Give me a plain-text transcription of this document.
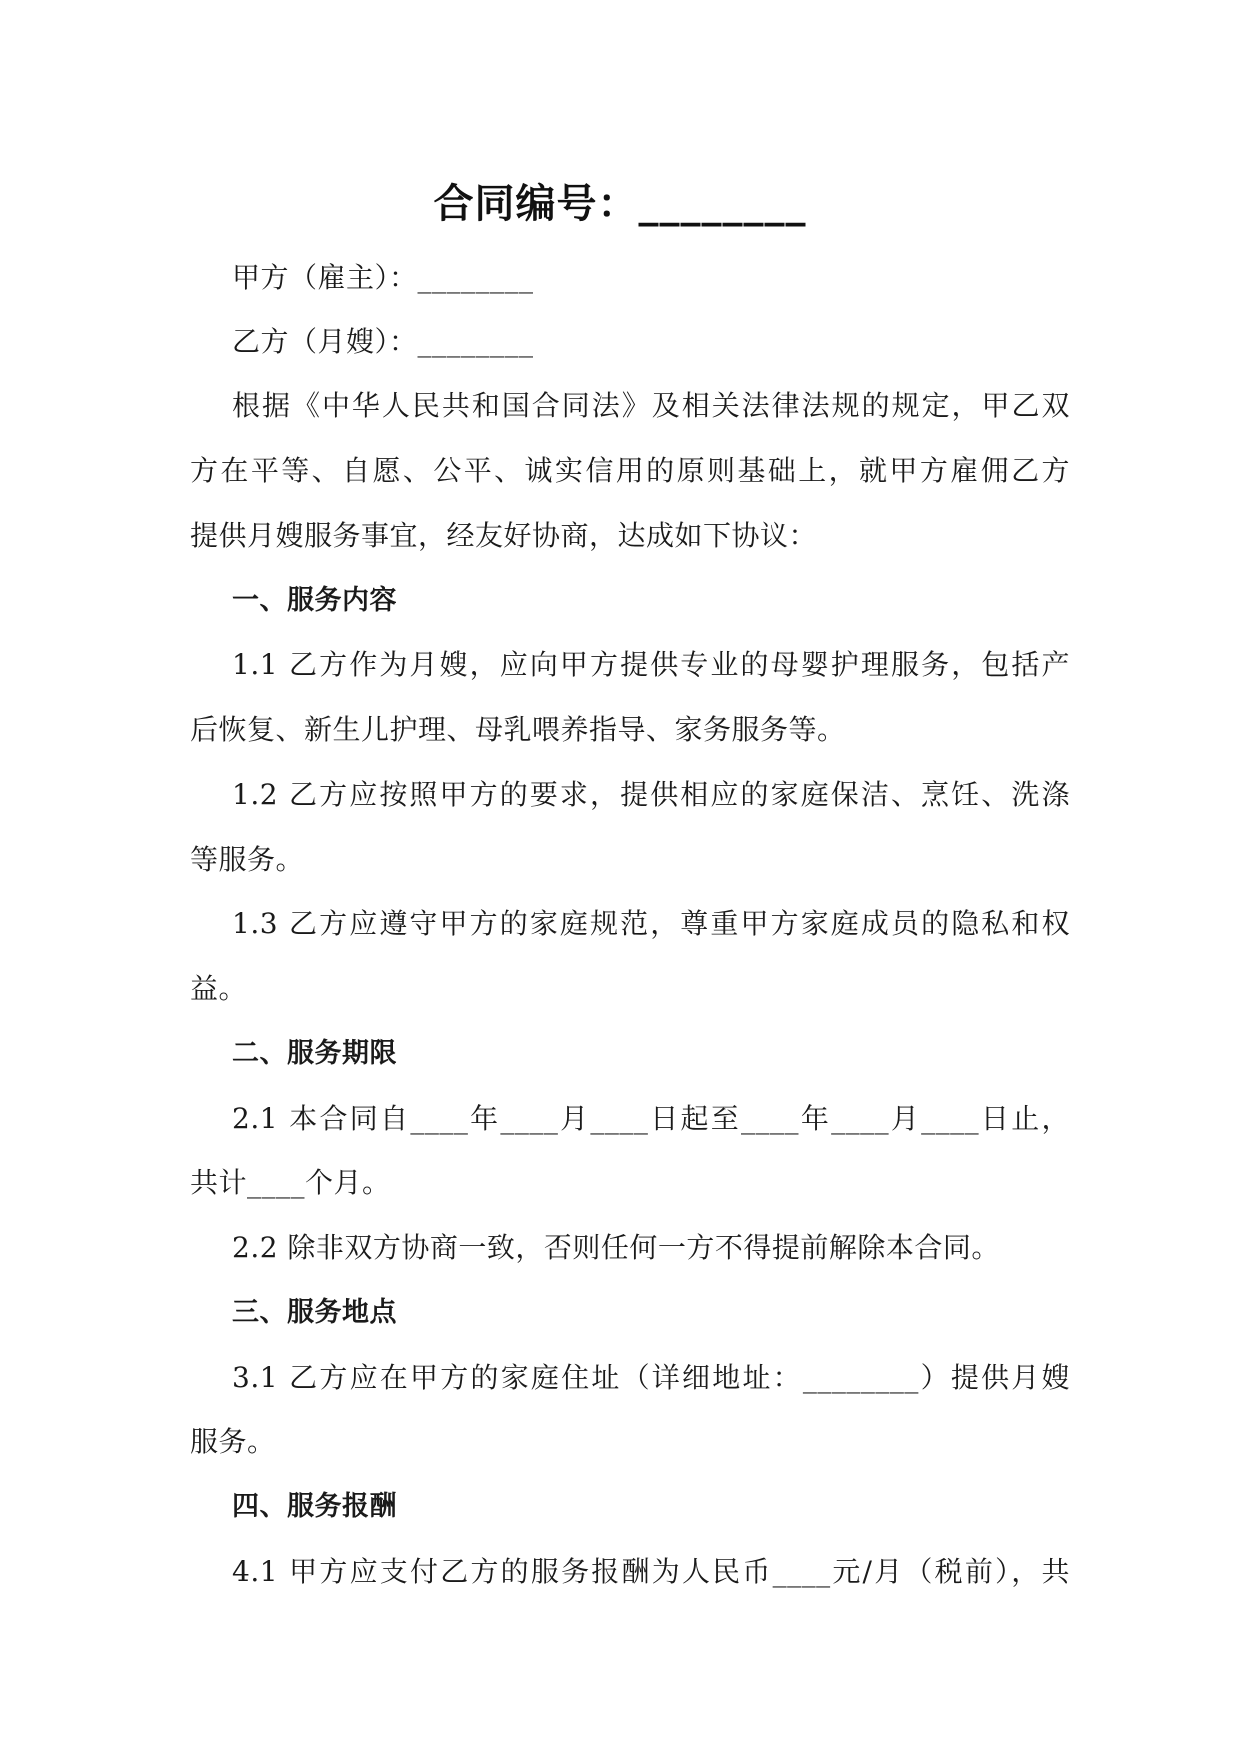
合同编号：________
甲方（雇主）：________
乙方（月嫂）：________
根据《中华人民共和国合同法》及相关法律法规的规定，甲乙双
方在平等、自愿、公平、诚实信用的原则基础上，就甲方雇佣乙方
提供月嫂服务事宜，经友好协商，达成如下协议：
一、服务内容
1.1 乙方作为月嫂，应向甲方提供专业的母婴护理服务，包括产
后恢复、新生儿护理、母乳喂养指导、家务服务等。
1.2 乙方应按照甲方的要求，提供相应的家庭保洁、烹饪、洗涤
等服务。
1.3 乙方应遵守甲方的家庭规范，尊重甲方家庭成员的隐私和权
益。
二、服务期限
2.1 本合同自____年____月____日起至____年____月____日止，
共计____个月。
2.2 除非双方协商一致，否则任何一方不得提前解除本合同。
三、服务地点
3.1 乙方应在甲方的家庭住址（详细地址：________）提供月嫂
服务。
四、服务报酬
4.1 甲方应支付乙方的服务报酬为人民币____元/月（税前），共
